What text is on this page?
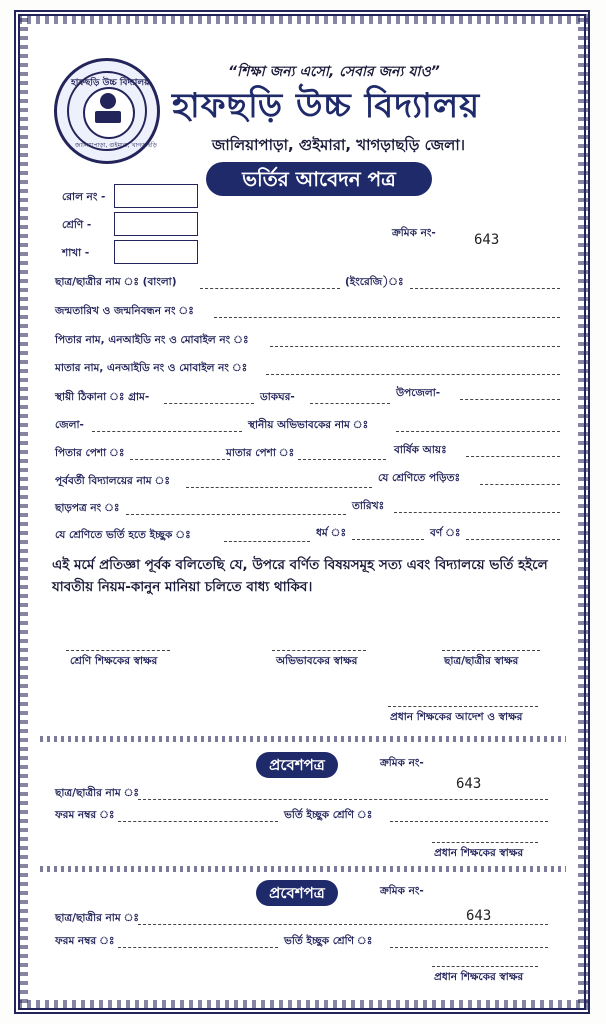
হাফছড়ি উচ্চ বিদ্যালয়
জালিয়াপাড়া, গুইমারা, খাগড়াছড়ি
“শিক্ষা জন্য এসো, সেবার জন্য যাও”
হাফছড়ি উচ্চ বিদ্যালয়
জালিয়াপাড়া, গুইমারা, খাগড়াছড়ি জেলা।
ভর্তির আবেদন পত্র
রোল নং -
শ্রেণি -
শাখা -
ক্রমিক নং-	643
ছাত্র/ছাত্রীর নাম ঃ (বাংলা)	(ইংরেজি)ঃ
জন্মতারিখ ও জন্মনিবন্ধন নং ঃ
পিতার নাম, এনআইডি নং ও মোবাইল নং ঃ
মাতার নাম, এনআইডি নং ও মোবাইল নং ঃ
স্থায়ী ঠিকানা ঃ গ্রাম-	ডাকঘর-	উপজেলা-
জেলা-	স্থানীয় অভিভাবকের নাম ঃ
পিতার পেশা ঃ	মাতার পেশা ঃ	বার্ষিক আয়ঃ
পূর্ববর্তী বিদ্যালয়ের নাম ঃ	যে শ্রেণিতে পড়িতঃ
ছাড়পত্র নং ঃ	তারিখঃ
যে শ্রেণিতে ভর্তি হতে ইচ্ছুক ঃ	ধর্ম ঃ	বর্ণ ঃ
এই মর্মে প্রতিজ্ঞা পূর্বক বলিতেছি যে, উপরে বর্ণিত বিষয়সমূহ সত্য এবং বিদ্যালয়ে ভর্তি হইলে যাবতীয় নিয়ম-কানুন মানিয়া চলিতে বাধ্য থাকিব।
শ্রেণি শিক্ষকের স্বাক্ষর	অভিভাবকের স্বাক্ষর	ছাত্র/ছাত্রীর স্বাক্ষর
প্রধান শিক্ষকের আদেশ ও স্বাক্ষর
প্রবেশপত্র	ক্রমিক নং-
643
ছাত্র/ছাত্রীর নাম ঃ
ফরম নম্বর ঃ	ভর্তি ইচ্ছুক শ্রেণি ঃ
প্রধান শিক্ষকের স্বাক্ষর
প্রবেশপত্র	ক্রমিক নং-
643
ছাত্র/ছাত্রীর নাম ঃ
ফরম নম্বর ঃ	ভর্তি ইচ্ছুক শ্রেণি ঃ
প্রধান শিক্ষকের স্বাক্ষর
